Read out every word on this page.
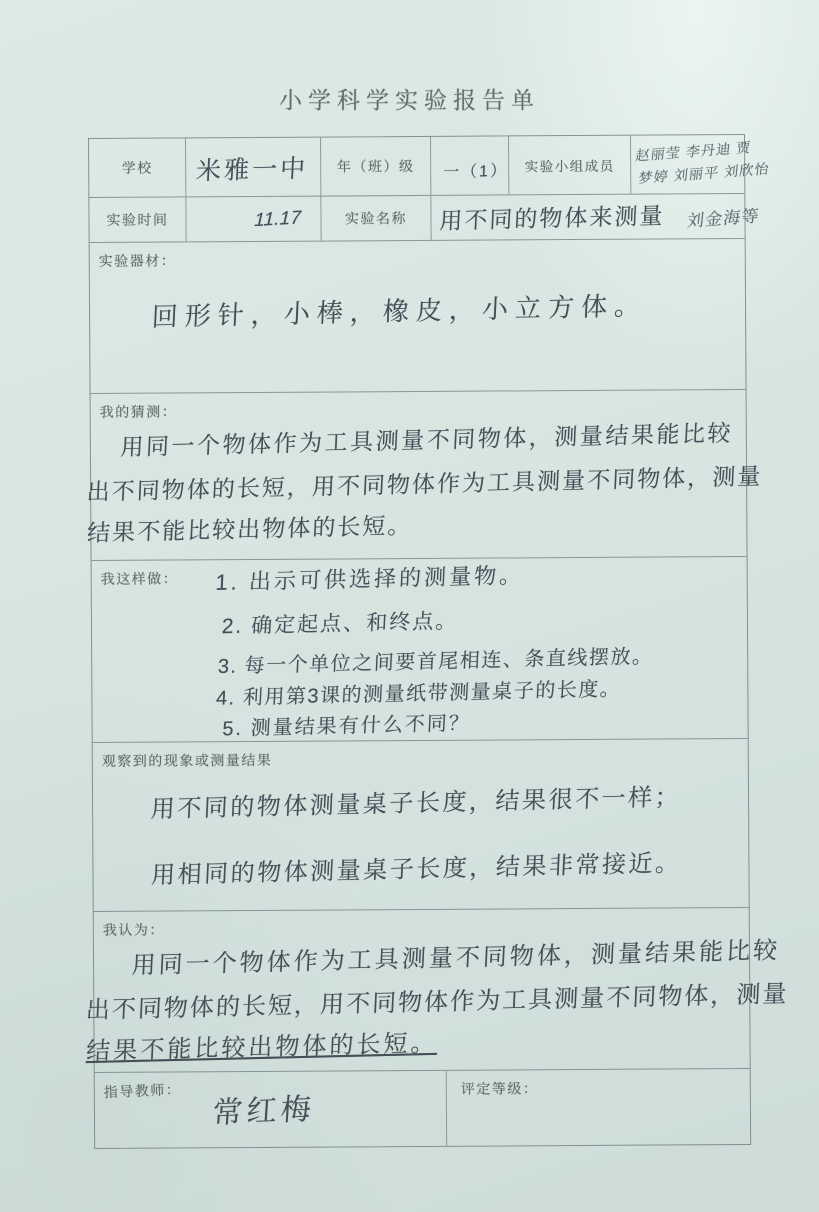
小学科学实验报告单
学校	米雅一中	年（班）级	一（1）	实验小组成员
赵丽莹 李丹迪 贾
梦婷 刘丽平 刘欣怡
实验时间	11.17	实验名称	用不同的物体来测量 刘金海等
实验器材：
回形针，小棒，橡皮，小立方体。
我的猜测：
用同一个物体作为工具测量不同物体，测量结果能比较
出不同物体的长短，用不同物体作为工具测量不同物体，测量
结果不能比较出物体的长短。
我这样做： 1. 出示可供选择的测量物。
2. 确定起点、和终点。
3. 每一个单位之间要首尾相连、条直线摆放。
4. 利用第3课的测量纸带测量桌子的长度。
5. 测量结果有什么不同？
观察到的现象或测量结果
用不同的物体测量桌子长度，结果很不一样；
用相同的物体测量桌子长度，结果非常接近。
我认为：
用同一个物体作为工具测量不同物体，测量结果能比较
出不同物体的长短，用不同物体作为工具测量不同物体，测量
结果不能比较出物体的长短。
指导教师：
常红梅
评定等级：
